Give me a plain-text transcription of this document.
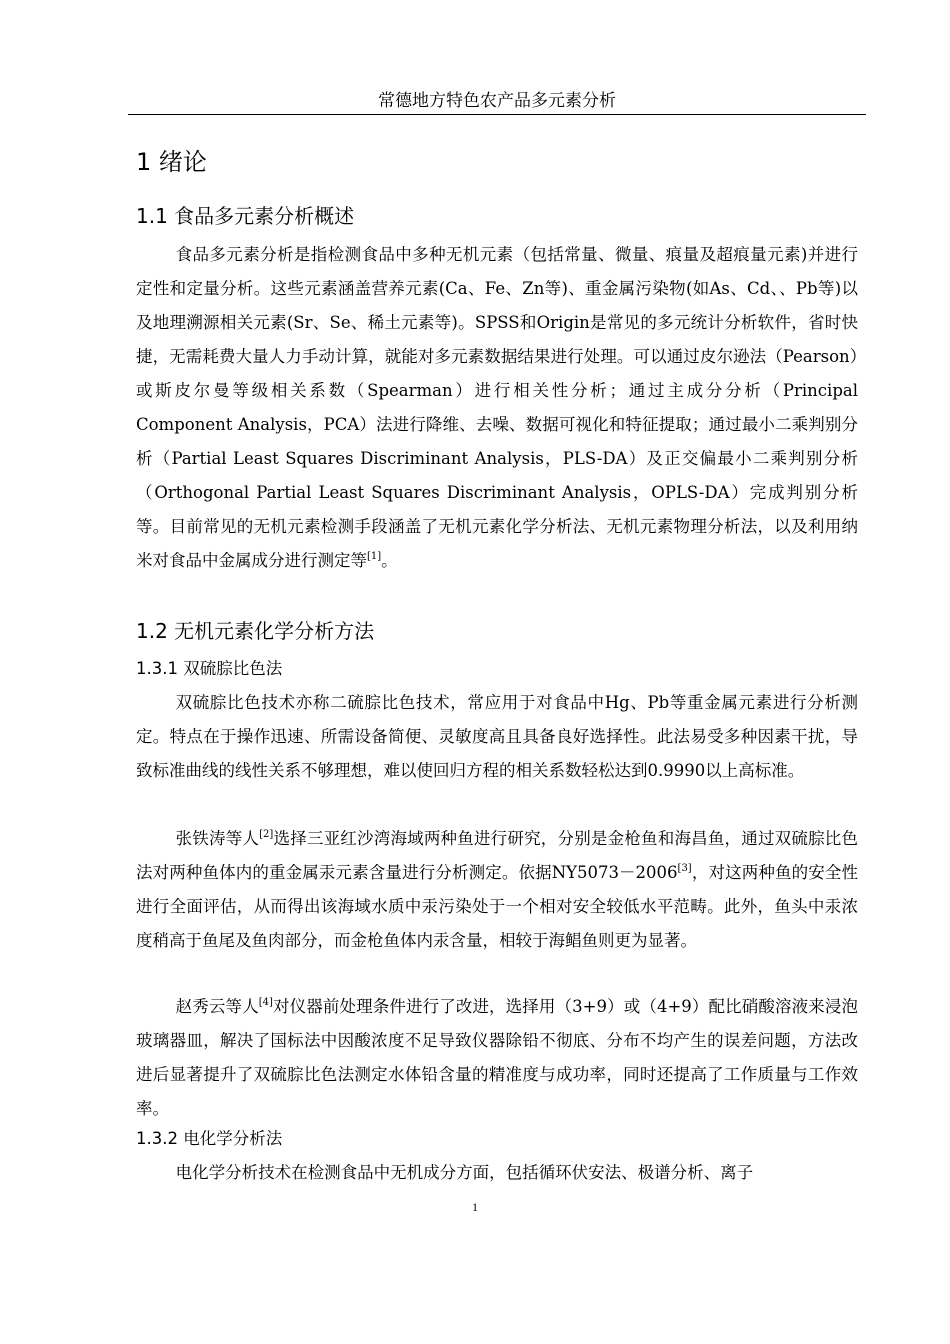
常德地方特色农产品多元素分析
1 绪论
1.1 食品多元素分析概述

食品多元素分析是指检测食品中多种无机元素（包括常量、微量、痕量及超痕量元素)并进行定性和定量分析。这些元素涵盖营养元素(Ca、Fe、Zn等)、重金属污染物(如As、Cd、、Pb等)以及地理溯源相关元素(Sr、Se、稀土元素等)。SPSS和Origin是常见的多元统计分析软件，省时快捷，无需耗费大量人力手动计算，就能对多元素数据结果进行处理。可以通过皮尔逊法（Pearson）或斯皮尔曼等级相关系数（Spearman）进行相关性分析；通过主成分分析（Principal Component Analysis，PCA）法进行降维、去噪、数据可视化和特征提取；通过最小二乘判别分析（Partial Least Squares Discriminant Analysis，PLS-DA）及正交偏最小二乘判别分析（Orthogonal Partial Least Squares Discriminant Analysis，OPLS-DA）完成判别分析等。目前常见的无机元素检测手段涵盖了无机元素化学分析法、无机元素物理分析法，以及利用纳米对食品中金属成分进行测定等[1]。

1.2 无机元素化学分析方法
1.3.1 双硫腙比色法

双硫腙比色技术亦称二硫腙比色技术，常应用于对食品中Hg、Pb等重金属元素进行分析测定。特点在于操作迅速、所需设备简便、灵敏度高且具备良好选择性。此法易受多种因素干扰，导致标准曲线的线性关系不够理想，难以使回归方程的相关系数轻松达到0.9990以上高标准。

张铁涛等人[2]选择三亚红沙湾海域两种鱼进行研究，分别是金枪鱼和海昌鱼，通过双硫腙比色法对两种鱼体内的重金属汞元素含量进行分析测定。依据NY5073－2006[3]，对这两种鱼的安全性进行全面评估，从而得出该海域水质中汞污染处于一个相对安全较低水平范畴。此外，鱼头中汞浓度稍高于鱼尾及鱼肉部分，而金枪鱼体内汞含量，相较于海鲳鱼则更为显著。

赵秀云等人[4]对仪器前处理条件进行了改进，选择用（3+9）或（4+9）配比硝酸溶液来浸泡玻璃器皿，解决了国标法中因酸浓度不足导致仪器除铅不彻底、分布不均产生的误差问题，方法改进后显著提升了双硫腙比色法测定水体铅含量的精准度与成功率，同时还提高了工作质量与工作效率。

1.3.2 电化学分析法

电化学分析技术在检测食品中无机成分方面，包括循环伏安法、极谱分析、离子

1
